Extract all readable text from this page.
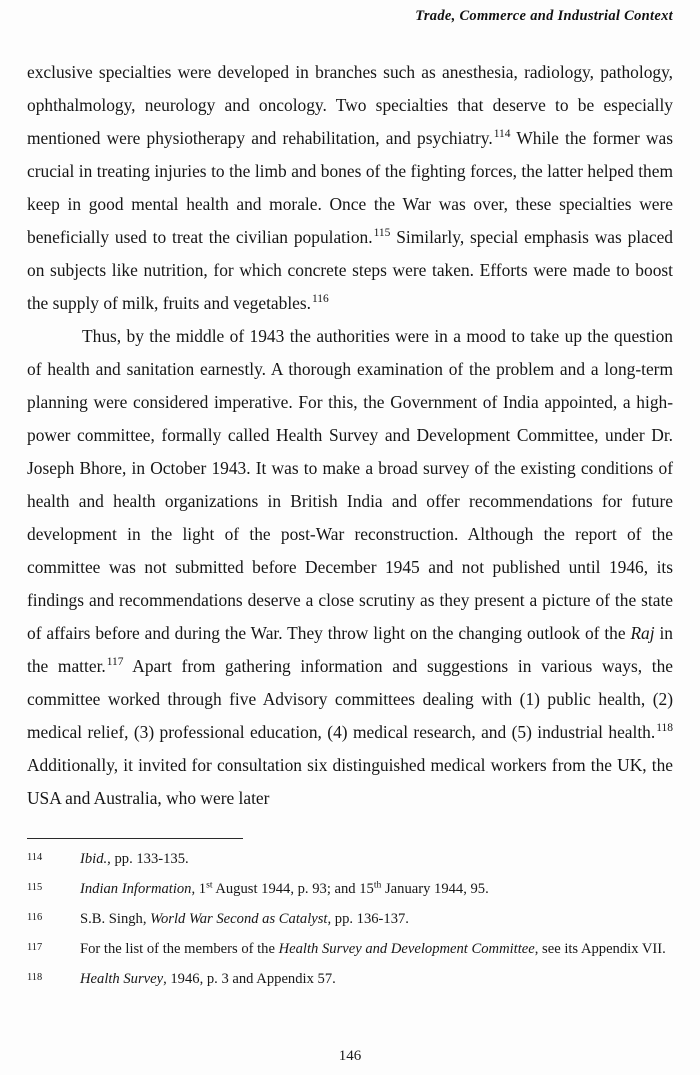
Trade, Commerce and Industrial Context

exclusive specialties were developed in branches such as anesthesia, radiology, pathology, ophthalmology, neurology and oncology. Two specialties that deserve to be especially mentioned were physiotherapy and rehabilitation, and psychiatry.$^{114}$ While the former was crucial in treating injuries to the limb and bones of the fighting forces, the latter helped them keep in good mental health and morale. Once the War was over, these specialties were beneficially used to treat the civilian population.$^{115}$ Similarly, special emphasis was placed on subjects like nutrition, for which concrete steps were taken. Efforts were made to boost the supply of milk, fruits and vegetables.$^{116}$

Thus, by the middle of 1943 the authorities were in a mood to take up the question of health and sanitation earnestly. A thorough examination of the problem and a long-term planning were considered imperative. For this, the Government of India appointed, a high-power committee, formally called Health Survey and Development Committee, under Dr. Joseph Bhore, in October 1943. It was to make a broad survey of the existing conditions of health and health organizations in British India and offer recommendations for future development in the light of the post-War reconstruction. Although the report of the committee was not submitted before December 1945 and not published until 1946, its findings and recommendations deserve a close scrutiny as they present a picture of the state of affairs before and during the War. They throw light on the changing outlook of the Raj in the matter.$^{117}$ Apart from gathering information and suggestions in various ways, the committee worked through five Advisory committees dealing with (1) public health, (2) medical relief, (3) professional education, (4) medical research, and (5) industrial health.$^{118}$ Additionally, it invited for consultation six distinguished medical workers from the UK, the USA and Australia, who were later

114	Ibid., pp. 133-135.
115	Indian Information, 1st August 1944, p. 93; and 15th January 1944, 95.
116	S.B. Singh, World War Second as Catalyst, pp. 136-137.
117	For the list of the members of the Health Survey and Development Committee, see its Appendix VII.
118	Health Survey, 1946, p. 3 and Appendix 57.
146
